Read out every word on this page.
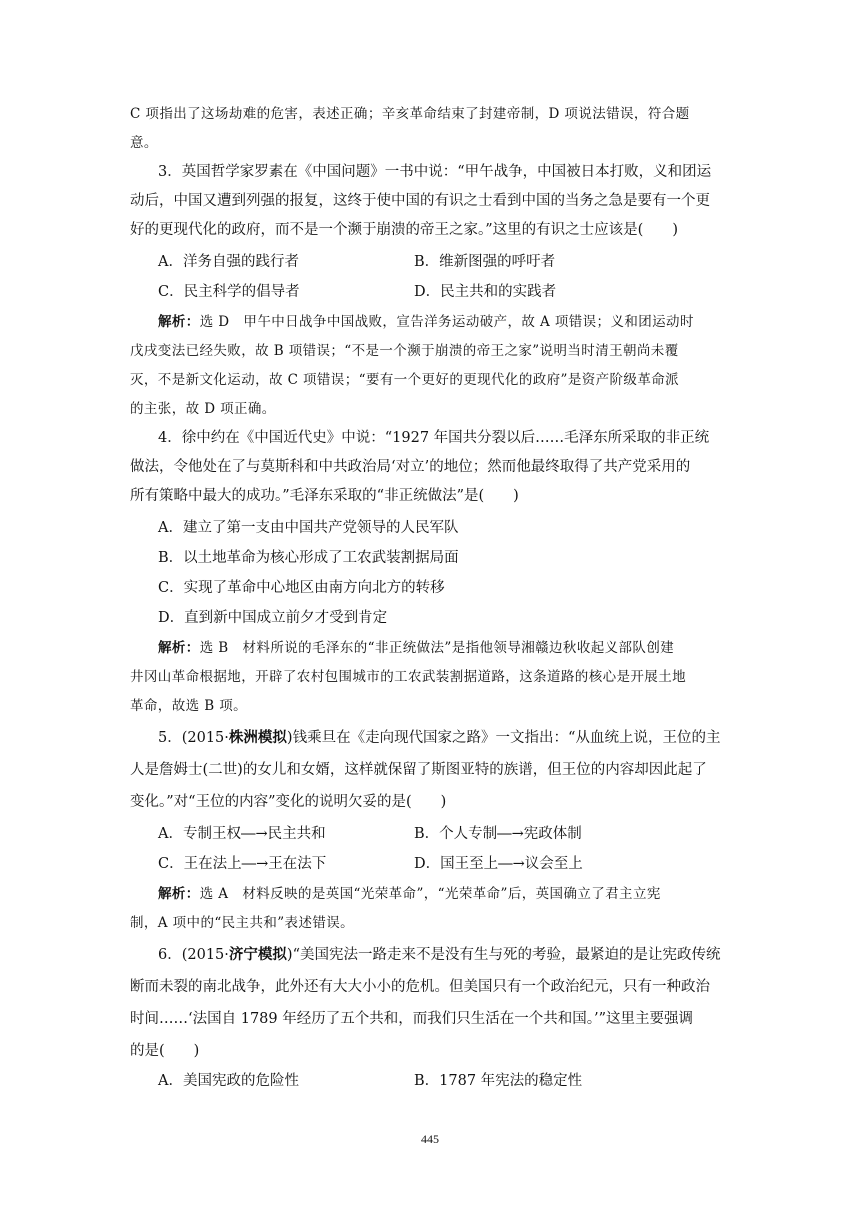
C 项指出了这场劫难的危害，表述正确；辛亥革命结束了封建帝制，D 项说法错误，符合题
意。
3．英国哲学家罗素在《中国问题》一书中说：“甲午战争，中国被日本打败，义和团运
动后，中国又遭到列强的报复，这终于使中国的有识之士看到中国的当务之急是要有一个更
好的更现代化的政府，而不是一个濒于崩溃的帝王之家。”这里的有识之士应该是(　　)
A．洋务自强的践行者	B．维新图强的呼吁者
C．民主科学的倡导者	D．民主共和的实践者
解析：选 D　甲午中日战争中国战败，宣告洋务运动破产，故 A 项错误；义和团运动时
戊戌变法已经失败，故 B 项错误；“不是一个濒于崩溃的帝王之家”说明当时清王朝尚未覆
灭，不是新文化运动，故 C 项错误；“要有一个更好的更现代化的政府”是资产阶级革命派
的主张，故 D 项正确。
4．徐中约在《中国近代史》中说：“1927 年国共分裂以后……毛泽东所采取的非正统
做法，令他处在了与莫斯科和中共政治局‘对立’的地位；然而他最终取得了共产党采用的
所有策略中最大的成功。”毛泽东采取的“非正统做法”是(　　)
A．建立了第一支由中国共产党领导的人民军队
B．以土地革命为核心形成了工农武装割据局面
C．实现了革命中心地区由南方向北方的转移
D．直到新中国成立前夕才受到肯定
解析：选 B　材料所说的毛泽东的“非正统做法”是指他领导湘赣边秋收起义部队创建
井冈山革命根据地，开辟了农村包围城市的工农武装割据道路，这条道路的核心是开展土地
革命，故选 B 项。
5．(2015·株洲模拟)钱乘旦在《走向现代国家之路》一文指出：“从血统上说，王位的主
人是詹姆士(二世)的女儿和女婿，这样就保留了斯图亚特的族谱，但王位的内容却因此起了
变化。”对“王位的内容”变化的说明欠妥的是(　　)
A．专制王权―→民主共和	B．个人专制―→宪政体制
C．王在法上―→王在法下	D．国王至上―→议会至上
解析：选 A　材料反映的是英国“光荣革命”，“光荣革命”后，英国确立了君主立宪
制，A 项中的“民主共和”表述错误。
6．(2015·济宁模拟)“美国宪法一路走来不是没有生与死的考验，最紧迫的是让宪政传统
断而未裂的南北战争，此外还有大大小小的危机。但美国只有一个政治纪元，只有一种政治
时间……‘法国自 1789 年经历了五个共和，而我们只生活在一个共和国。’”这里主要强调
的是(　　)
A．美国宪政的危险性	B．1787 年宪法的稳定性
445
